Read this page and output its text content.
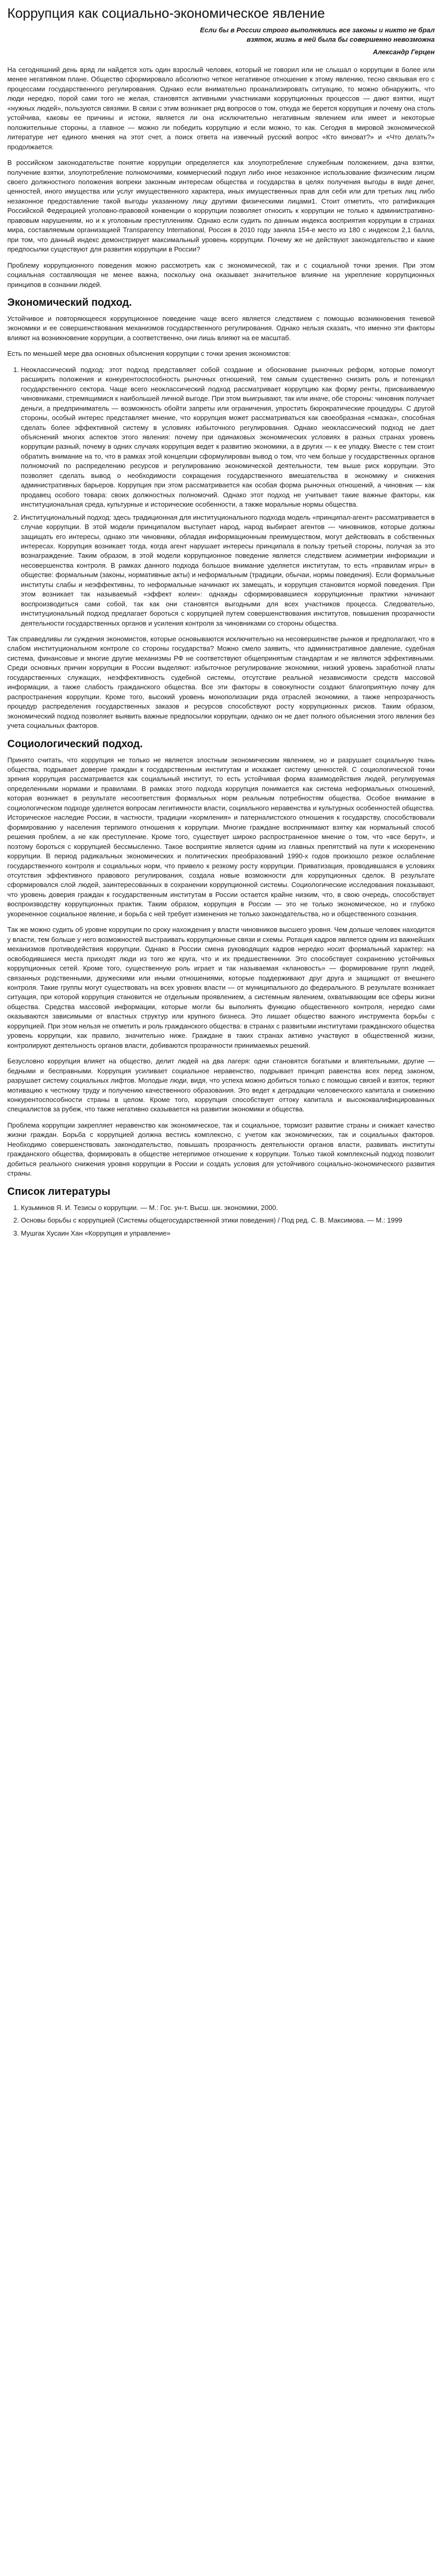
Коррупция как социально-экономическое явление
Если бы в России строго выполнялись все законы и никто не брал взяток, жизнь в ней была бы совершенно невозможна
Александр Герцен

На сегодняшний день вряд ли найдется хоть один взрослый человек, который не говорил или не слышал о коррупции в более или менее негативном плане. Общество сформировало абсолютно четкое негативное отношение к этому явлению, тесно связывая его с процессами государственного регулирования. Однако если внимательно проанализировать ситуацию, то можно обнаружить, что люди нередко, порой сами того не желая, становятся активными участниками коррупционных процессов — дают взятки, ищут «нужных людей», пользуются связями. В связи с этим возникает ряд вопросов о том, откуда же берется коррупция и почему она столь устойчива, каковы ее причины и истоки, является ли она исключительно негативным явлением или имеет и некоторые положительные стороны, а главное — можно ли победить коррупцию и если можно, то как. Сегодня в мировой экономической литературе нет единого мнения на этот счет, а поиск ответа на извечный русский вопрос «Кто виноват?» и «Что делать?» продолжается.

В российском законодательстве понятие коррупции определяется как злоупотребление служебным положением, дача взятки, получение взятки, злоупотребление полномочиями, коммерческий подкуп либо иное незаконное использование физическим лицом своего должностного положения вопреки законным интересам общества и государства в целях получения выгоды в виде денег, ценностей, иного имущества или услуг имущественного характера, иных имущественных прав для себя или для третьих лиц либо незаконное предоставление такой выгоды указанному лицу другими физическими лицами1. Стоит отметить, что ратификация Российской Федерацией уголовно-правовой конвенции о коррупции позволяет относить к коррупции не только к административно-правовым нарушениям, но и к уголовным преступлениям. Однако если судить по данным индекса восприятия коррупции в странах мира, составляемым организацией Transparency International, Россия в 2010 году заняла 154-е место из 180 с индексом 2,1 балла, при том, что данный индекс демонстрирует максимальный уровень коррупции. Почему же не действуют законодательство и какие предпосылки существуют для развития коррупции в России?

Проблему коррупционного поведения можно рассмотреть как с экономической, так и с социальной точки зрения. При этом социальная составляющая не менее важна, поскольку она оказывает значительное влияние на укрепление коррупционных принципов в сознании людей.

Экономический подход.

Устойчивое и повторяющееся коррупционное поведение чаще всего является следствием с помощью возникновения теневой экономики и ее совершенствования механизмов государственного регулирования. Однако нельзя сказать, что именно эти факторы влияют на возникновение коррупции, а соответственно, они лишь влияют на ее масштаб.

Есть по меньшей мере два основных объяснения коррупции с точки зрения экономистов:

1. Неоклассический подход: этот подход представляет собой создание и обоснование рыночных реформ, которые помогут расширить положения и конкурентоспособность рыночных отношений, тем самым существенно снизить роль и потенциал государственного сектора. Чаще всего неоклассический подход рассматривает коррупцию как форму ренты, присваиваемую чиновниками, стремящимися к наибольшей личной выгоде. При этом выигрывают, так или иначе, обе стороны: чиновник получает деньги, а предприниматель — возможность обойти запреты или ограничения, упростить бюрократические процедуры. С другой стороны, особый интерес представляет мнение, что коррупция может рассматриваться как своеобразная «смазка», способная сделать более эффективной систему в условиях избыточного регулирования. Однако неоклассический подход не дает объяснений многих аспектов этого явления: почему при одинаковых экономических условиях в разных странах уровень коррупции разный, почему в одних случаях коррупция ведет к развитию экономики, а в других — к ее упадку. Вместе с тем стоит обратить внимание на то, что в рамках этой концепции сформулирован вывод о том, что чем больше у государственных органов полномочий по распределению ресурсов и регулированию экономической деятельности, тем выше риск коррупции. Это позволяет сделать вывод о необходимости сокращения государственного вмешательства в экономику и снижения административных барьеров. Коррупция при этом рассматривается как особая форма рыночных отношений, а чиновник — как продавец особого товара: своих должностных полномочий. Однако этот подход не учитывает такие важные факторы, как институциональная среда, культурные и исторические особенности, а также моральные нормы общества.
2. Институциональный подход: здесь традиционная для институционального подхода модель «принципал-агент» рассматривается в случае коррупции. В этой модели принципалом выступает народ, народ выбирает агентов — чиновников, которые должны защищать его интересы, однако эти чиновники, обладая информационным преимуществом, могут действовать в собственных интересах. Коррупция возникает тогда, когда агент нарушает интересы принципала в пользу третьей стороны, получая за это вознаграждение. Таким образом, в этой модели коррупционное поведение является следствием асимметрии информации и несовершенства контроля. В рамках данного подхода большое внимание уделяется институтам, то есть «правилам игры» в обществе: формальным (законы, нормативные акты) и неформальным (традиции, обычаи, нормы поведения). Если формальные институты слабы и неэффективны, то неформальные начинают их замещать, и коррупция становится нормой поведения. При этом возникает так называемый «эффект колеи»: однажды сформировавшиеся коррупционные практики начинают воспроизводиться сами собой, так как они становятся выгодными для всех участников процесса. Следовательно, институциональный подход предлагает бороться с коррупцией путем совершенствования институтов, повышения прозрачности деятельности государственных органов и усиления контроля за чиновниками со стороны общества.

Так справедливы ли суждения экономистов, которые основываются исключительно на несовершенстве рынков и предполагают, что в слабом институциональном контроле со стороны государства? Можно смело заявить, что административное давление, судебная система, финансовые и многие другие механизмы РФ не соответствуют общепринятым стандартам и не являются эффективными. Среди основных причин коррупции в России выделяют: избыточное регулирование экономики, низкий уровень заработной платы государственных служащих, неэффективность судебной системы, отсутствие реальной независимости средств массовой информации, а также слабость гражданского общества. Все эти факторы в совокупности создают благоприятную почву для распространения коррупции. Кроме того, высокий уровень монополизации ряда отраслей экономики, а также непрозрачность процедур распределения государственных заказов и ресурсов способствуют росту коррупционных рисков. Таким образом, экономический подход позволяет выявить важные предпосылки коррупции, однако он не дает полного объяснения этого явления без учета социальных факторов.

Социологический подход.

Принято считать, что коррупция не только не является злостным экономическим явлением, но и разрушает социальную ткань общества, подрывает доверие граждан к государственным институтам и искажает систему ценностей. С социологической точки зрения коррупция рассматривается как социальный институт, то есть устойчивая форма взаимодействия людей, регулируемая определенными нормами и правилами. В рамках этого подхода коррупция понимается как система неформальных отношений, которая возникает в результате несоответствия формальных норм реальным потребностям общества. Особое внимание в социологическом подходе уделяется вопросам легитимности власти, социального неравенства и культурных особенностей общества. Историческое наследие России, в частности, традиции «кормления» и патерналистского отношения к государству, способствовали формированию у населения терпимого отношения к коррупции. Многие граждане воспринимают взятку как нормальный способ решения проблем, а не как преступление. Кроме того, существует широко распространенное мнение о том, что «все берут», и поэтому бороться с коррупцией бессмысленно. Такое восприятие является одним из главных препятствий на пути к искоренению коррупции. В период радикальных экономических и политических преобразований 1990-х годов произошло резкое ослабление государственного контроля и социальных норм, что привело к резкому росту коррупции. Приватизация, проводившаяся в условиях отсутствия эффективного правового регулирования, создала новые возможности для коррупционных сделок. В результате сформировался слой людей, заинтересованных в сохранении коррупционной системы. Социологические исследования показывают, что уровень доверия граждан к государственным институтам в России остается крайне низким, что, в свою очередь, способствует воспроизводству коррупционных практик. Таким образом, коррупция в России — это не только экономическое, но и глубоко укорененное социальное явление, и борьба с ней требует изменения не только законодательства, но и общественного сознания.

Так же можно судить об уровне коррупции по сроку нахождения у власти чиновников высшего уровня. Чем дольше человек находится у власти, тем больше у него возможностей выстраивать коррупционные связи и схемы. Ротация кадров является одним из важнейших механизмов противодействия коррупции. Однако в России смена руководящих кадров нередко носит формальный характер: на освободившиеся места приходят люди из того же круга, что и их предшественники. Это способствует сохранению устойчивых коррупционных сетей. Кроме того, существенную роль играет и так называемая «клановость» — формирование групп людей, связанных родственными, дружескими или иными отношениями, которые поддерживают друг друга и защищают от внешнего контроля. Такие группы могут существовать на всех уровнях власти — от муниципального до федерального. В результате возникает ситуация, при которой коррупция становится не отдельным проявлением, а системным явлением, охватывающим все сферы жизни общества. Средства массовой информации, которые могли бы выполнять функцию общественного контроля, нередко сами оказываются зависимыми от властных структур или крупного бизнеса. Это лишает общество важного инструмента борьбы с коррупцией. При этом нельзя не отметить и роль гражданского общества: в странах с развитыми институтами гражданского общества уровень коррупции, как правило, значительно ниже. Граждане в таких странах активно участвуют в общественной жизни, контролируют деятельность органов власти, добиваются прозрачности принимаемых решений.

Безусловно коррупция влияет на общество, делит людей на два лагеря: одни становятся богатыми и влиятельными, другие — бедными и бесправными. Коррупция усиливает социальное неравенство, подрывает принцип равенства всех перед законом, разрушает систему социальных лифтов. Молодые люди, видя, что успеха можно добиться только с помощью связей и взяток, теряют мотивацию к честному труду и получению качественного образования. Это ведет к деградации человеческого капитала и снижению конкурентоспособности страны в целом. Кроме того, коррупция способствует оттоку капитала и высококвалифицированных специалистов за рубеж, что также негативно сказывается на развитии экономики и общества.

Проблема коррупции закрепляет неравенство как экономическое, так и социальное, тормозит развитие страны и снижает качество жизни граждан. Борьба с коррупцией должна вестись комплексно, с учетом как экономических, так и социальных факторов. Необходимо совершенствовать законодательство, повышать прозрачность деятельности органов власти, развивать институты гражданского общества, формировать в обществе нетерпимое отношение к коррупции. Только такой комплексный подход позволит добиться реального снижения уровня коррупции в России и создать условия для устойчивого социально-экономического развития страны.

Список литературы
1. Кузьминов Я. И. Тезисы о коррупции. — М.: Гос. ун-т. Высш. шк. экономики, 2000.
2. Основы борьбы с коррупцией (Системы общегосударственной этики поведения) / Под ред. С. В. Максимова. — М.: 1999
3. Мушгак Хусаин Хан «Коррупция и управление»
